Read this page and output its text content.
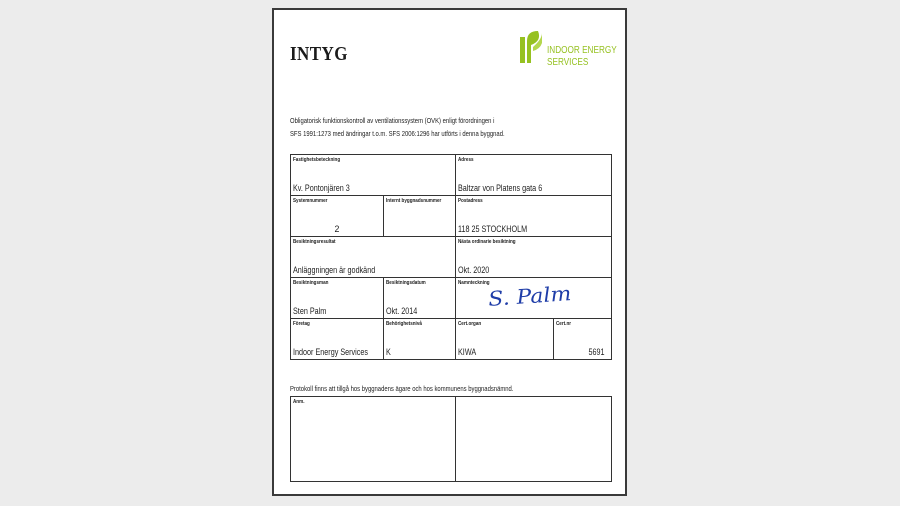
INTYG	INDOOR ENERGY
SERVICES
Obligatorisk funktionskontroll av ventilationssystem (OVK) enligt förordningen i
SFS 1991:1273 med ändringar t.o.m. SFS 2006:1296 har utförts i denna byggnad.
Fastighetsbeteckning
Kv. Pontonjären 3
Adress
Baltzar von Platens gata 6
Systemnummer
2
Internt byggnadsnummer	Postadress
118 25 STOCKHOLM
Besiktningsresultat
Anläggningen är godkänd
Nästa ordinarie besiktning
Okt. 2020
Besiktningsman
Sten Palm
Besiktningsdatum
Okt. 2014
Namnteckning
S. Palm
Företag
Indoor Energy Services
Behörighetsnivå
K
Cert.organ
KIWA
Cert.nr
5691
Protokoll finns att tillgå hos byggnadens ägare och hos kommunens byggnadsnämnd.
Anm.
